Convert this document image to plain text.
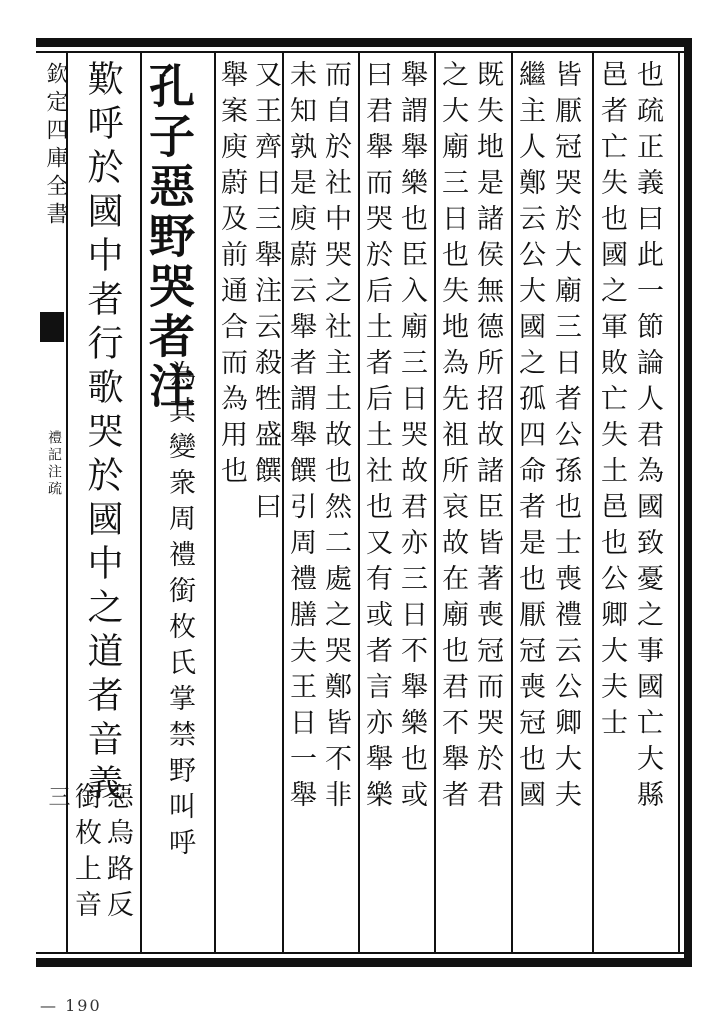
欽定四庫全書
禮記注疏
三	也疏正義曰此一節論人君為國致憂之事國亡大縣
邑者亡失也國之軍敗亡失土邑也公卿大夫士
皆厭冠哭於大廟三日者公孫也士喪禮云公卿大夫
繼主人鄭云公大國之孤四命者是也厭冠喪冠也國
既失地是諸侯無德所招故諸臣皆著喪冠而哭於君
之大廟三日也失地為先祖所哀故在廟也君不舉者
舉謂舉樂也臣入廟三日哭故君亦三日不舉樂也或
曰君舉而哭於后土者后土社也又有或者言亦舉樂
而自於社中哭之社主土故也然二處之哭鄭皆不非
未知孰是庾蔚云舉者謂舉饌引周禮膳夫王日一舉
又王齊日三舉注云殺牲盛饌曰
舉案庾蔚及前通合而為用也
孔子惡野哭者注
為其變衆周禮銜枚氏掌禁野叫呼
歎呼於國中者行歌哭於國中之道者音義
惡烏路反
銜枚上音
— 190
